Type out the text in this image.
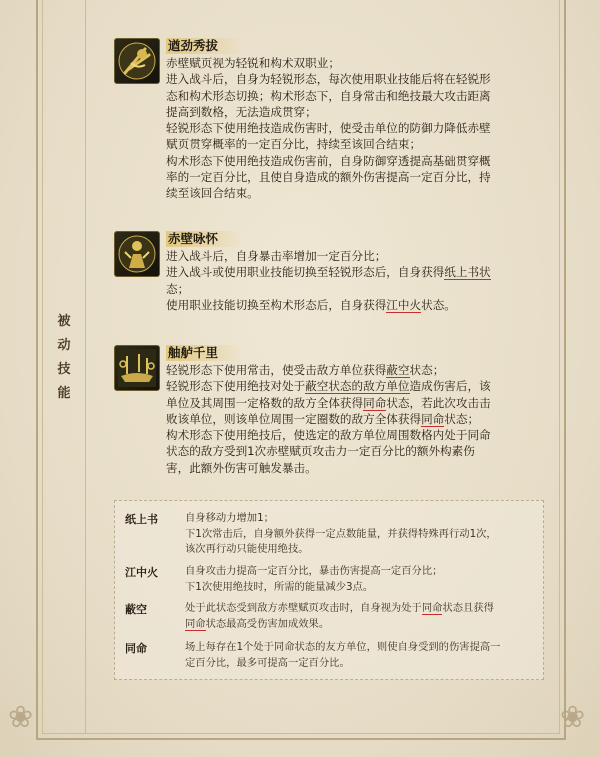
被
动
技
能
❀	❀
遒劲秀拔

赤壁赋页视为轻锐和构术双职业；

进入战斗后，自身为轻锐形态，每次使用职业技能后将在轻锐形

态和构术形态切换；构术形态下，自身常击和绝技最大攻击距离

提高到数格，无法造成贯穿；

轻锐形态下使用绝技造成伤害时，使受击单位的防御力降低赤壁

赋页贯穿概率的一定百分比，持续至该回合结束；

构术形态下使用绝技造成伤害前，自身防御穿透提高基础贯穿概

率的一定百分比，且使自身造成的额外伤害提高一定百分比，持

续至该回合结束。

赤壁咏怀

进入战斗后，自身暴击率增加一定百分比；

进入战斗或使用职业技能切换至轻锐形态后，自身获得纸上书状

态；

使用职业技能切换至构术形态后，自身获得江中火状态。

舳舻千里

轻锐形态下使用常击，使受击敌方单位获得蔽空状态；

轻锐形态下使用绝技对处于蔽空状态的敌方单位造成伤害后，该

单位及其周围一定格数的敌方全体获得同命状态，若此次攻击击

败该单位，则该单位周围一定圈数的敌方全体获得同命状态；

构术形态下使用绝技后，使选定的敌方单位周围数格内处于同命

状态的敌方受到1次赤壁赋页攻击力一定百分比的额外构素伤

害，此额外伤害可触发暴击。

纸上书	自身移动力增加1；
下1次常击后，自身额外获得一定点数能量，并获得特殊再行动1次，
该次再行动只能使用绝技。
江中火	自身攻击力提高一定百分比，暴击伤害提高一定百分比；
下1次使用绝技时，所需的能量减少3点。
蔽空	处于此状态受到敌方赤壁赋页攻击时，自身视为处于同命状态且获得
同命状态最高受伤害加成效果。
同命	场上每存在1个处于同命状态的友方单位，则使自身受到的伤害提高一
定百分比，最多可提高一定百分比。
